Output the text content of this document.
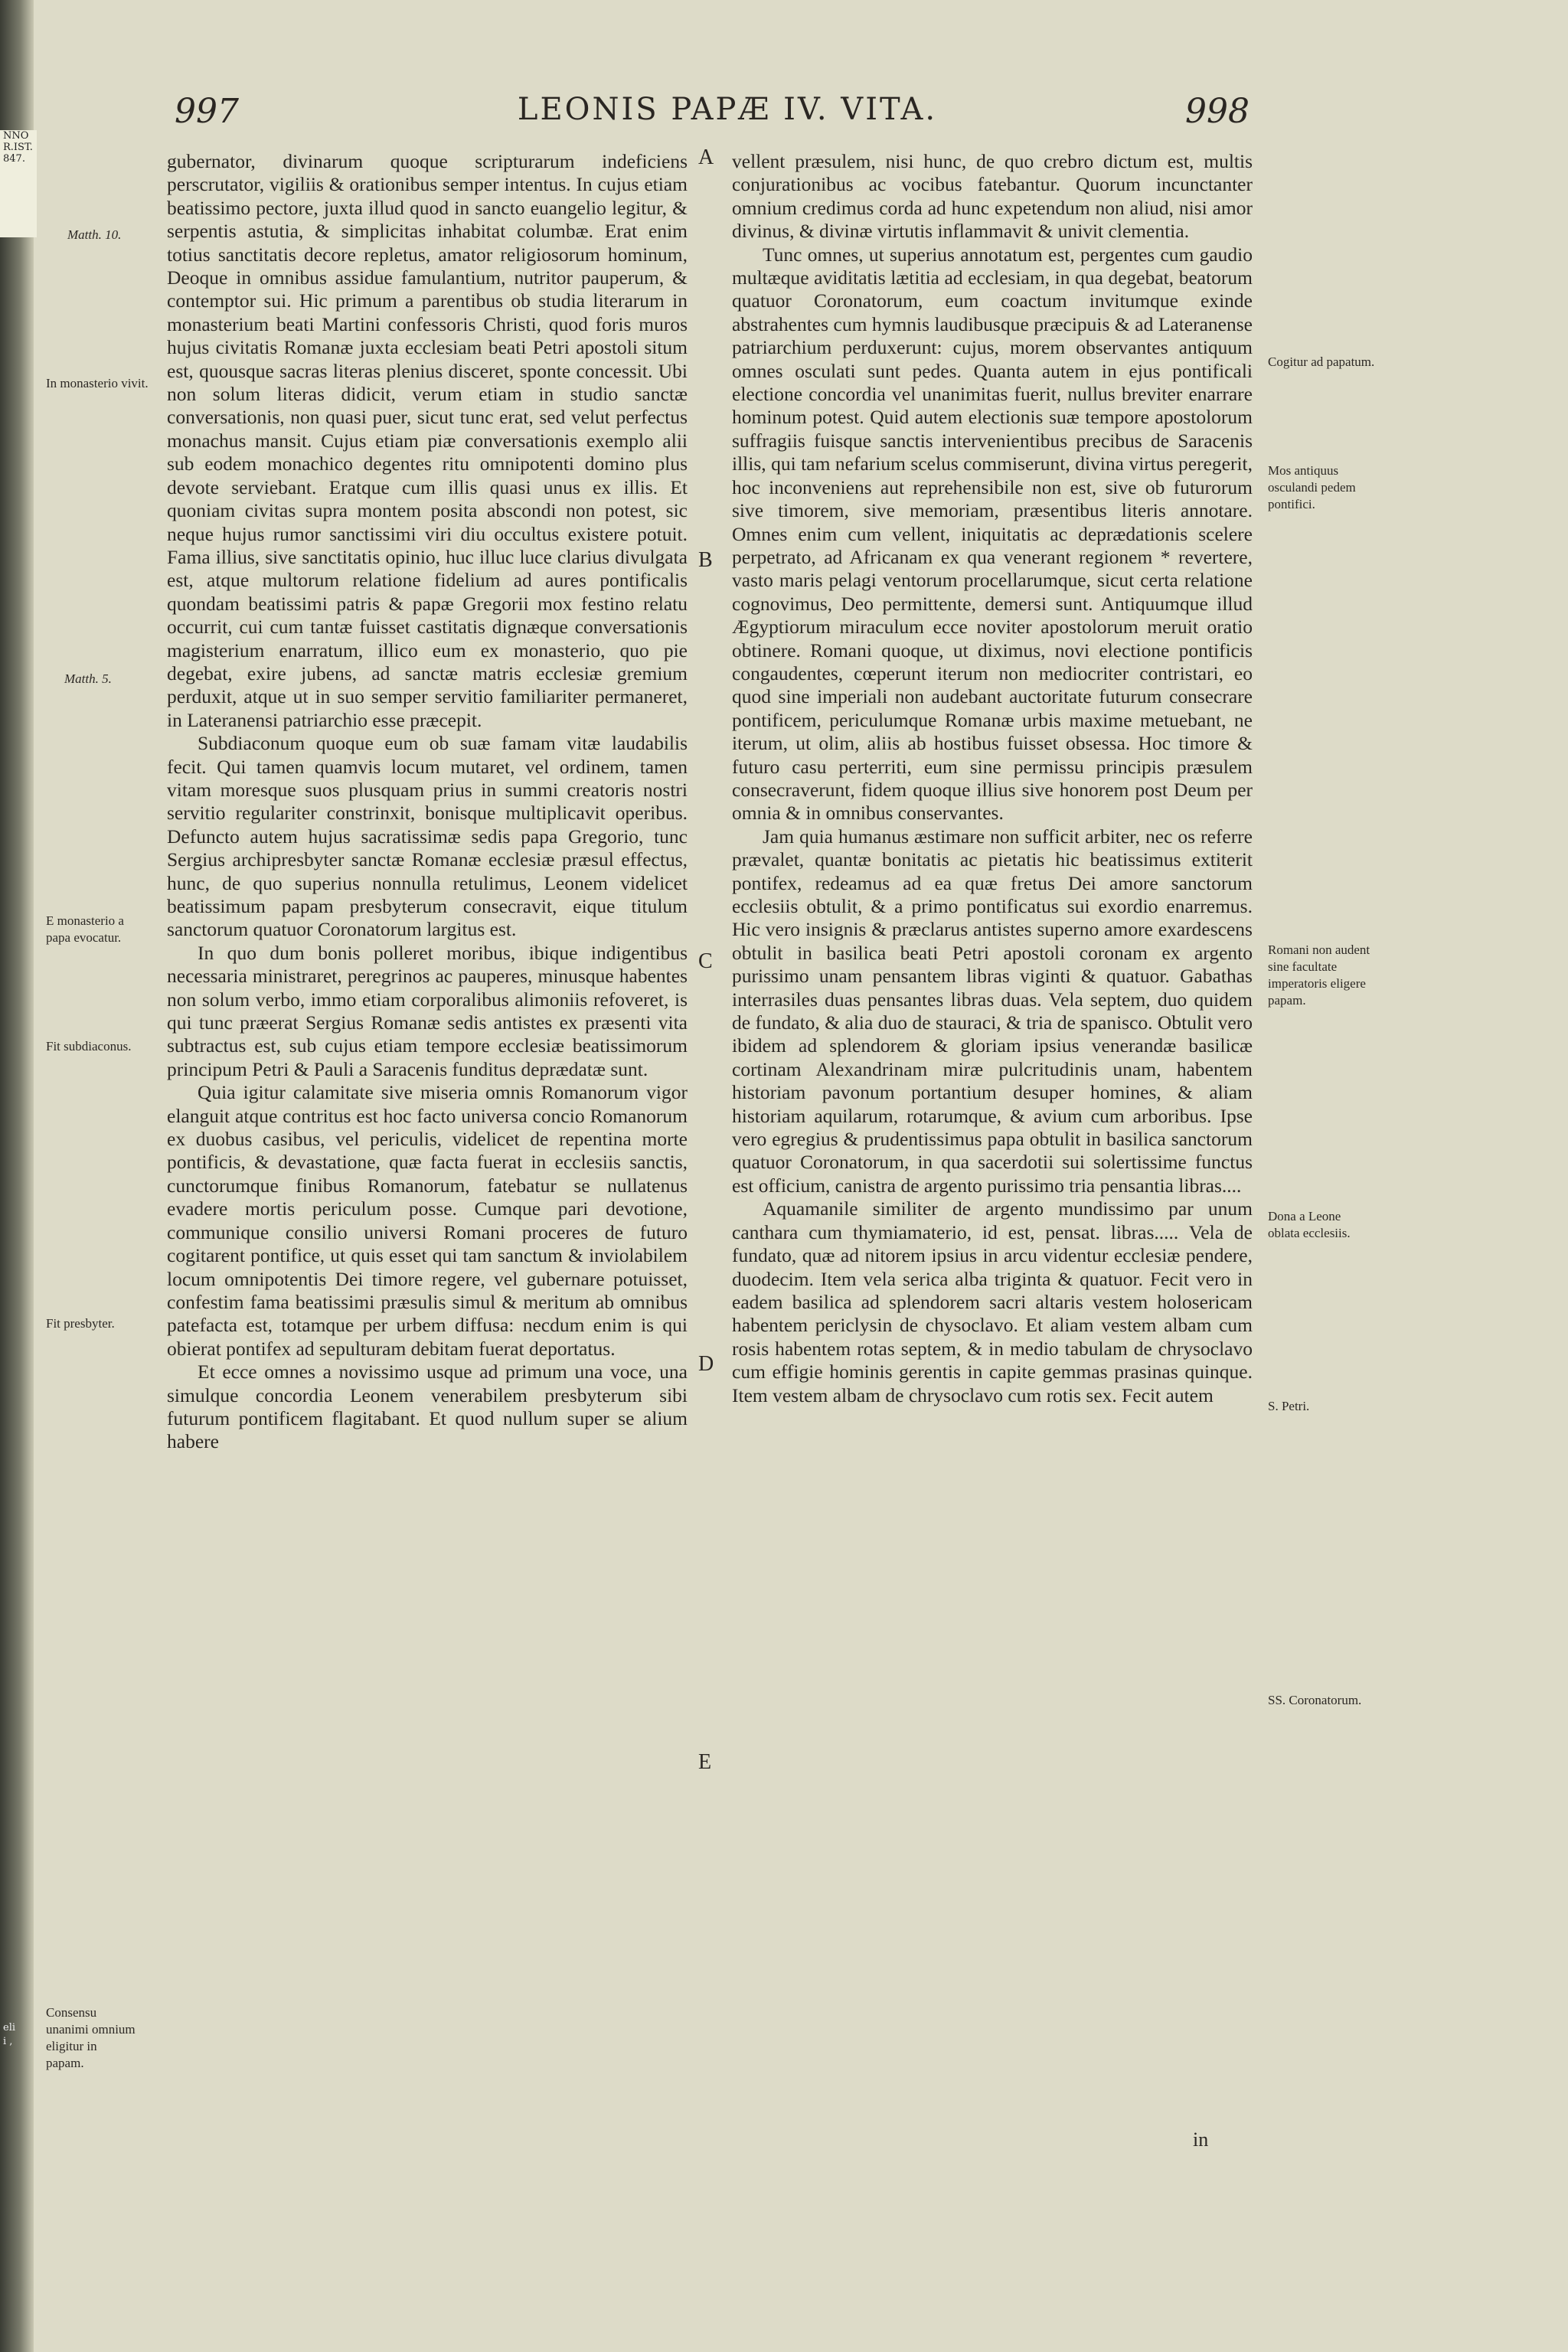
NNO
R.IST.
847.
eli
i ,
997	LEONIS PAPÆ IV. VITA.	998

gubernator, divinarum quoque scripturarum indeficiens perscrutator, vigiliis & orationibus semper intentus. In cujus etiam beatissimo pectore, juxta illud quod in sancto euangelio legitur, & serpentis astutia, & simplicitas inhabitat columbæ. Erat enim totius sanctitatis decore repletus, amator religiosorum hominum, Deoque in omnibus assidue famulantium, nutritor pauperum, & contemptor sui. Hic primum a parentibus ob studia literarum in monasterium beati Martini confessoris Christi, quod foris muros hujus civitatis Romanæ juxta ecclesiam beati Petri apostoli situm est, quousque sacras literas plenius disceret, sponte concessit. Ubi non solum literas didicit, verum etiam in studio sanctæ conversationis, non quasi puer, sicut tunc erat, sed velut perfectus monachus mansit. Cujus etiam piæ conversationis exemplo alii sub eodem monachico degentes ritu omnipotenti domino plus devote serviebant. Eratque cum illis quasi unus ex illis. Et quoniam civitas supra montem posita abscondi non potest, sic neque hujus rumor sanctissimi viri diu occultus existere potuit. Fama illius, sive sanctitatis opinio, huc illuc luce clarius divulgata est, atque multorum relatione fidelium ad aures pontificalis quondam beatissimi patris & papæ Gregorii mox festino relatu occurrit, cui cum tantæ fuisset castitatis dignæque conversationis magisterium enarratum, illico eum ex monasterio, quo pie degebat, exire jubens, ad sanctæ matris ecclesiæ gremium perduxit, atque ut in suo semper servitio familiariter permaneret, in Lateranensi patriarchio esse præcepit.

Subdiaconum quoque eum ob suæ famam vitæ laudabilis fecit. Qui tamen quamvis locum mutaret, vel ordinem, tamen vitam moresque suos plusquam prius in summi creatoris nostri servitio regulariter constrinxit, bonisque multiplicavit operibus. Defuncto autem hujus sacratissimæ sedis papa Gregorio, tunc Sergius archipresbyter sanctæ Romanæ ecclesiæ præsul effectus, hunc, de quo superius nonnulla retulimus, Leonem videlicet beatissimum papam presbyterum consecravit, eique titulum sanctorum quatuor Coronatorum largitus est.

In quo dum bonis polleret moribus, ibique indigentibus necessaria ministraret, peregrinos ac pauperes, minusque habentes non solum verbo, immo etiam corporalibus alimoniis refoveret, is qui tunc præerat Sergius Romanæ sedis antistes ex præsenti vita subtractus est, sub cujus etiam tempore ecclesiæ beatissimorum principum Petri & Pauli a Saracenis funditus deprædatæ sunt.

Quia igitur calamitate sive miseria omnis Romanorum vigor elanguit atque contritus est hoc facto universa concio Romanorum ex duobus casibus, vel periculis, videlicet de repentina morte pontificis, & devastatione, quæ facta fuerat in ecclesiis sanctis, cunctorumque finibus Romanorum, fatebatur se nullatenus evadere mortis periculum posse. Cumque pari devotione, communique consilio universi Romani proceres de futuro cogitarent pontifice, ut quis esset qui tam sanctum & inviolabilem locum omnipotentis Dei timore regere, vel gubernare potuisset, confestim fama beatissimi præsulis simul & meritum ab omnibus patefacta est, totamque per urbem diffusa: necdum enim is qui obierat pontifex ad sepulturam debitam fuerat deportatus.

Et ecce omnes a novissimo usque ad primum una voce, una simulque concordia Leonem venerabilem presbyterum sibi futurum pontificem flagitabant. Et quod nullum super se alium habere

vellent præsulem, nisi hunc, de quo crebro dictum est, multis conjurationibus ac vocibus fatebantur. Quorum incunctanter omnium credimus corda ad hunc expetendum non aliud, nisi amor divinus, & divinæ virtutis inflammavit & univit clementia.

Tunc omnes, ut superius annotatum est, pergentes cum gaudio multæque aviditatis lætitia ad ecclesiam, in qua degebat, beatorum quatuor Coronatorum, eum coactum invitumque exinde abstrahentes cum hymnis laudibusque præcipuis & ad Lateranense patriarchium perduxerunt: cujus, morem observantes antiquum omnes osculati sunt pedes. Quanta autem in ejus pontificali electione concordia vel unanimitas fuerit, nullus breviter enarrare hominum potest. Quid autem electionis suæ tempore apostolorum suffragiis fuisque sanctis intervenientibus precibus de Saracenis illis, qui tam nefarium scelus commiserunt, divina virtus peregerit, hoc inconveniens aut reprehensibile non est, sive ob futurorum sive timorem, sive memoriam, præsentibus literis annotare. Omnes enim cum vellent, iniquitatis ac deprædationis scelere perpetrato, ad Africanam ex qua venerant regionem * revertere, vasto maris pelagi ventorum procellarumque, sicut certa relatione cognovimus, Deo permittente, demersi sunt. Antiquumque illud Ægyptiorum miraculum ecce noviter apostolorum meruit oratio obtinere. Romani quoque, ut diximus, novi electione pontificis congaudentes, cœperunt iterum non mediocriter contristari, eo quod sine imperiali non audebant auctoritate futurum consecrare pontificem, periculumque Romanæ urbis maxime metuebant, ne iterum, ut olim, aliis ab hostibus fuisset obsessa. Hoc timore & futuro casu perterriti, eum sine permissu principis præsulem consecraverunt, fidem quoque illius sive honorem post Deum per omnia & in omnibus conservantes.

Jam quia humanus æstimare non sufficit arbiter, nec os referre prævalet, quantæ bonitatis ac pietatis hic beatissimus extiterit pontifex, redeamus ad ea quæ fretus Dei amore sanctorum ecclesiis obtulit, & a primo pontificatus sui exordio enarremus. Hic vero insignis & præclarus antistes superno amore exardescens obtulit in basilica beati Petri apostoli coronam ex argento purissimo unam pensantem libras viginti & quatuor. Gabathas interrasiles duas pensantes libras duas. Vela septem, duo quidem de fundato, & alia duo de stauraci, & tria de spanisco. Obtulit vero ibidem ad splendorem & gloriam ipsius venerandæ basilicæ cortinam Alexandrinam miræ pulcritudinis unam, habentem historiam pavonum portantium desuper homines, & aliam historiam aquilarum, rotarumque, & avium cum arboribus. Ipse vero egregius & prudentissimus papa obtulit in basilica sanctorum quatuor Coronatorum, in qua sacerdotii sui solertissime functus est officium, canistra de argento purissimo tria pensantia libras....

Aquamanile similiter de argento mundissimo par unum canthara cum thymiamaterio, id est, pensat. libras..... Vela de fundato, quæ ad nitorem ipsius in arcu videntur ecclesiæ pendere, duodecim. Item vela serica alba triginta & quatuor. Fecit vero in eadem basilica ad splendorem sacri altaris vestem holosericam habentem periclysin de chysoclavo. Et aliam vestem albam cum rosis habentem rotas septem, & in medio tabulam de chrysoclavo cum effigie hominis gerentis in capite gemmas prasinas quinque. Item vestem albam de chrysoclavo cum rotis sex. Fecit autem

A
B
C
D
E
Matth. 10.
In monasterio vivit.
Matth. 5.
E monasterio a papa evocatur.
Fit subdiaconus.
Fit presbyter.
Consensu unanimi omnium eligitur in papam.
Cogitur ad papatum.
Mos antiquus osculandi pedem pontifici.
Romani non audent sine facultate imperatoris eligere papam.
Dona a Leone oblata ecclesiis.
S. Petri.
SS. Coronatorum.
in
